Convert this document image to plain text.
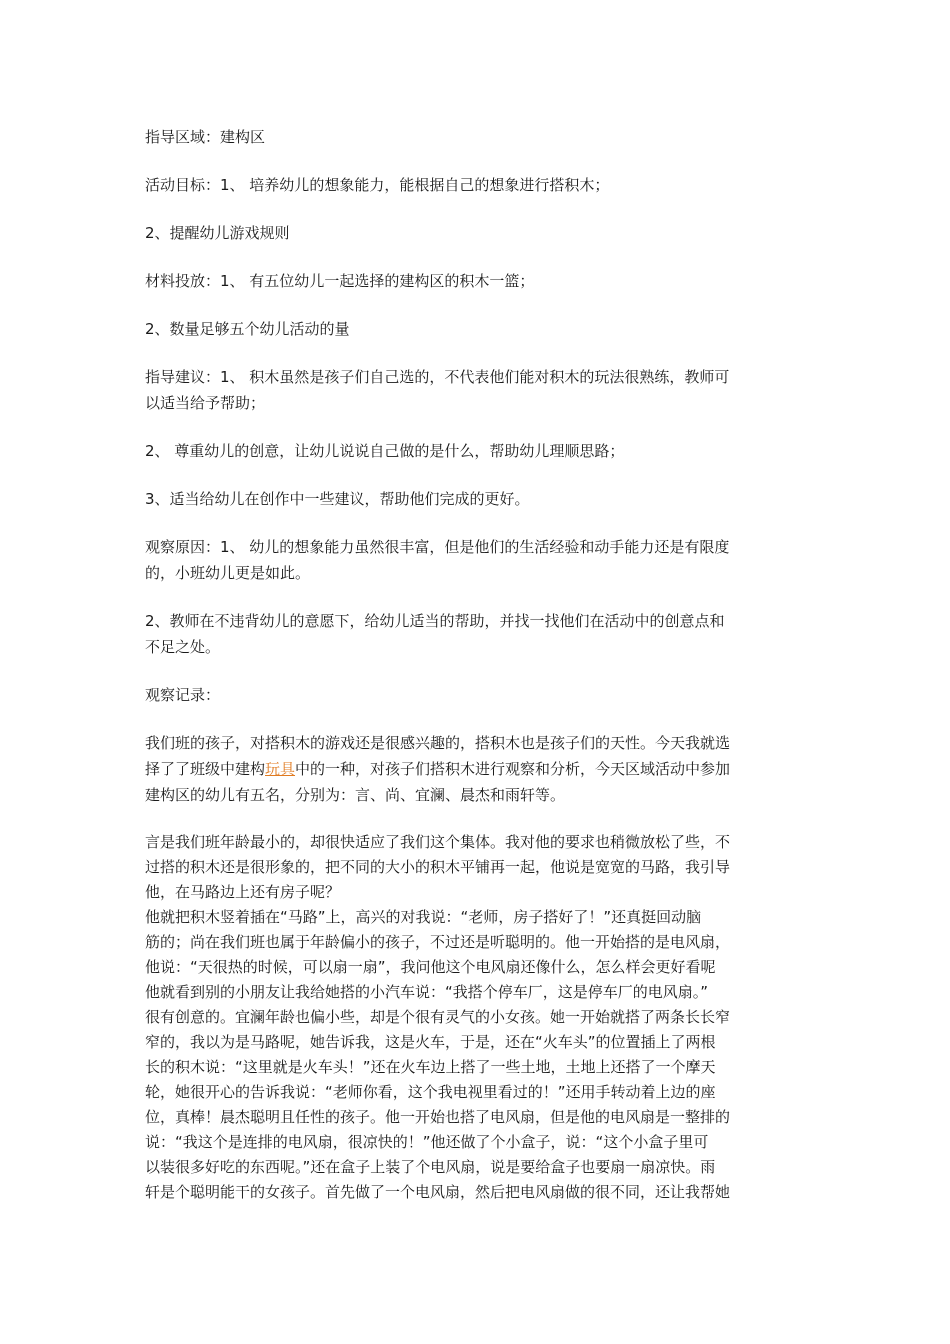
指导区域：建构区

活动目标：1、 培养幼儿的想象能力，能根据自己的想象进行搭积木；

2、提醒幼儿游戏规则

材料投放：1、 有五位幼儿一起选择的建构区的积木一篮；

2、数量足够五个幼儿活动的量

指导建议：1、 积木虽然是孩子们自己选的，不代表他们能对积木的玩法很熟练，教师可

以适当给予帮助；

2、 尊重幼儿的创意，让幼儿说说自己做的是什么，帮助幼儿理顺思路；

3、适当给幼儿在创作中一些建议，帮助他们完成的更好。

观察原因：1、 幼儿的想象能力虽然很丰富，但是他们的生活经验和动手能力还是有限度

的，小班幼儿更是如此。

2、教师在不违背幼儿的意愿下，给幼儿适当的帮助，并找一找他们在活动中的创意点和

不足之处。

观察记录：

我们班的孩子，对搭积木的游戏还是很感兴趣的，搭积木也是孩子们的天性。今天我就选

择了了班级中建构玩具中的一种，对孩子们搭积木进行观察和分析，今天区域活动中参加

建构区的幼儿有五名，分别为：言、尚、宜澜、晨杰和雨轩等。

言是我们班年龄最小的，却很快适应了我们这个集体。我对他的要求也稍微放松了些，不

过搭的积木还是很形象的，把不同的大小的积木平铺再一起，他说是宽宽的马路，我引导

他，在马路边上还有房子呢？

他就把积木竖着插在“马路”上，高兴的对我说：“老师，房子搭好了！”还真挺回动脑

筋的；尚在我们班也属于年龄偏小的孩子，不过还是听聪明的。他一开始搭的是电风扇，

他说：“天很热的时候，可以扇一扇”，我问他这个电风扇还像什么，怎么样会更好看呢

他就看到别的小朋友让我给她搭的小汽车说：“我搭个停车厂，这是停车厂的电风扇。”

很有创意的。宜澜年龄也偏小些，却是个很有灵气的小女孩。她一开始就搭了两条长长窄

窄的，我以为是马路呢，她告诉我，这是火车，于是，还在“火车头”的位置插上了两根

长的积木说：“这里就是火车头！”还在火车边上搭了一些土地，土地上还搭了一个摩天

轮，她很开心的告诉我说：“老师你看，这个我电视里看过的！”还用手转动着上边的座

位，真棒！晨杰聪明且任性的孩子。他一开始也搭了电风扇，但是他的电风扇是一整排的

说：“我这个是连排的电风扇，很凉快的！”他还做了个小盒子，说：“这个小盒子里可

以装很多好吃的东西呢。”还在盒子上装了个电风扇，说是要给盒子也要扇一扇凉快。雨

轩是个聪明能干的女孩子。首先做了一个电风扇，然后把电风扇做的很不同，还让我帮她
